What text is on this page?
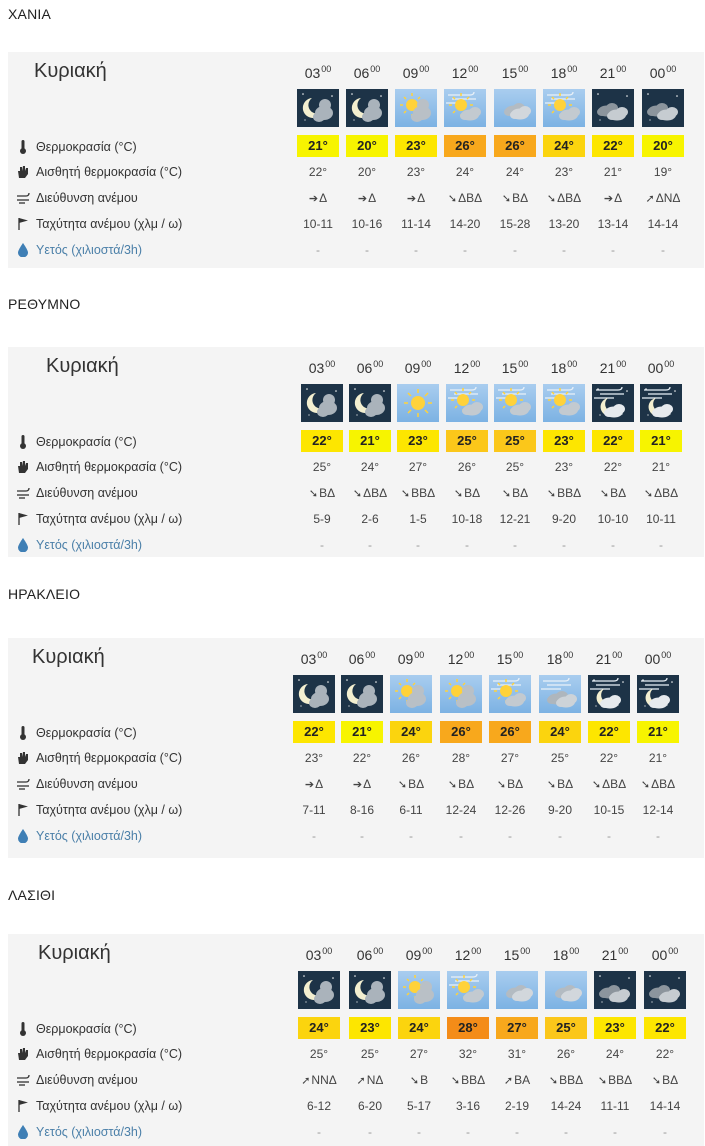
ΧΑΝΙΑ
Κυριακή
Θερμοκρασία (°C)
Αισθητή θερμοκρασία (°C)
Διεύθυνση ανέμου
Ταχύτητα ανέμου (χλμ / ω)
Υετός (χιλιοστά/3h)
$03^{00}$
21°
22°
➔Δ
10-11
-
$06^{00}$
20°
20°
➔Δ
10-16
-
$09^{00}$
23°
23°
➔Δ
11-14
-
$12^{00}$
26°
24°
➘ΔΒΔ
14-20
-
$15^{00}$
26°
24°
➘ΒΔ
15-28
-
$18^{00}$
24°
23°
➘ΔΒΔ
13-20
-
$21^{00}$
22°
21°
➔Δ
13-14
-
$00^{00}$
20°
19°
➚ΔΝΔ
14-14
-
ΡΕΘΥΜΝΟ
Κυριακή
Θερμοκρασία (°C)
Αισθητή θερμοκρασία (°C)
Διεύθυνση ανέμου
Ταχύτητα ανέμου (χλμ / ω)
Υετός (χιλιοστά/3h)
$03^{00}$
22°
25°
➘ΒΔ
5-9
-
$06^{00}$
21°
24°
➘ΔΒΔ
2-6
-
$09^{00}$
23°
27°
➘ΒΒΔ
1-5
-
$12^{00}$
25°
26°
➘ΒΔ
10-18
-
$15^{00}$
25°
25°
➘ΒΔ
12-21
-
$18^{00}$
23°
23°
➘ΒΒΔ
9-20
-
$21^{00}$
22°
22°
➘ΒΔ
10-10
-
$00^{00}$
21°
21°
➘ΔΒΔ
10-11
-
ΗΡΑΚΛΕΙΟ
Κυριακή
Θερμοκρασία (°C)
Αισθητή θερμοκρασία (°C)
Διεύθυνση ανέμου
Ταχύτητα ανέμου (χλμ / ω)
Υετός (χιλιοστά/3h)
$03^{00}$
22°
23°
➔Δ
7-11
-
$06^{00}$
21°
22°
➔Δ
8-16
-
$09^{00}$
24°
26°
➘ΒΔ
6-11
-
$12^{00}$
26°
28°
➘ΒΔ
12-24
-
$15^{00}$
26°
27°
➘ΒΔ
12-26
-
$18^{00}$
24°
25°
➘ΒΔ
9-20
-
$21^{00}$
22°
22°
➘ΔΒΔ
10-15
-
$00^{00}$
21°
21°
➘ΔΒΔ
12-14
-
ΛΑΣΙΘΙ
Κυριακή
Θερμοκρασία (°C)
Αισθητή θερμοκρασία (°C)
Διεύθυνση ανέμου
Ταχύτητα ανέμου (χλμ / ω)
Υετός (χιλιοστά/3h)
$03^{00}$
24°
25°
➚ΝΝΔ
6-12
-
$06^{00}$
23°
25°
➚ΝΔ
6-20
-
$09^{00}$
24°
27°
➘Β
5-17
-
$12^{00}$
28°
32°
➘ΒΒΔ
3-16
-
$15^{00}$
27°
31°
➚ΒΑ
2-19
-
$18^{00}$
25°
26°
➘ΒΒΔ
14-24
-
$21^{00}$
23°
24°
➘ΒΒΔ
11-11
-
$00^{00}$
22°
22°
➘ΒΔ
14-14
-
